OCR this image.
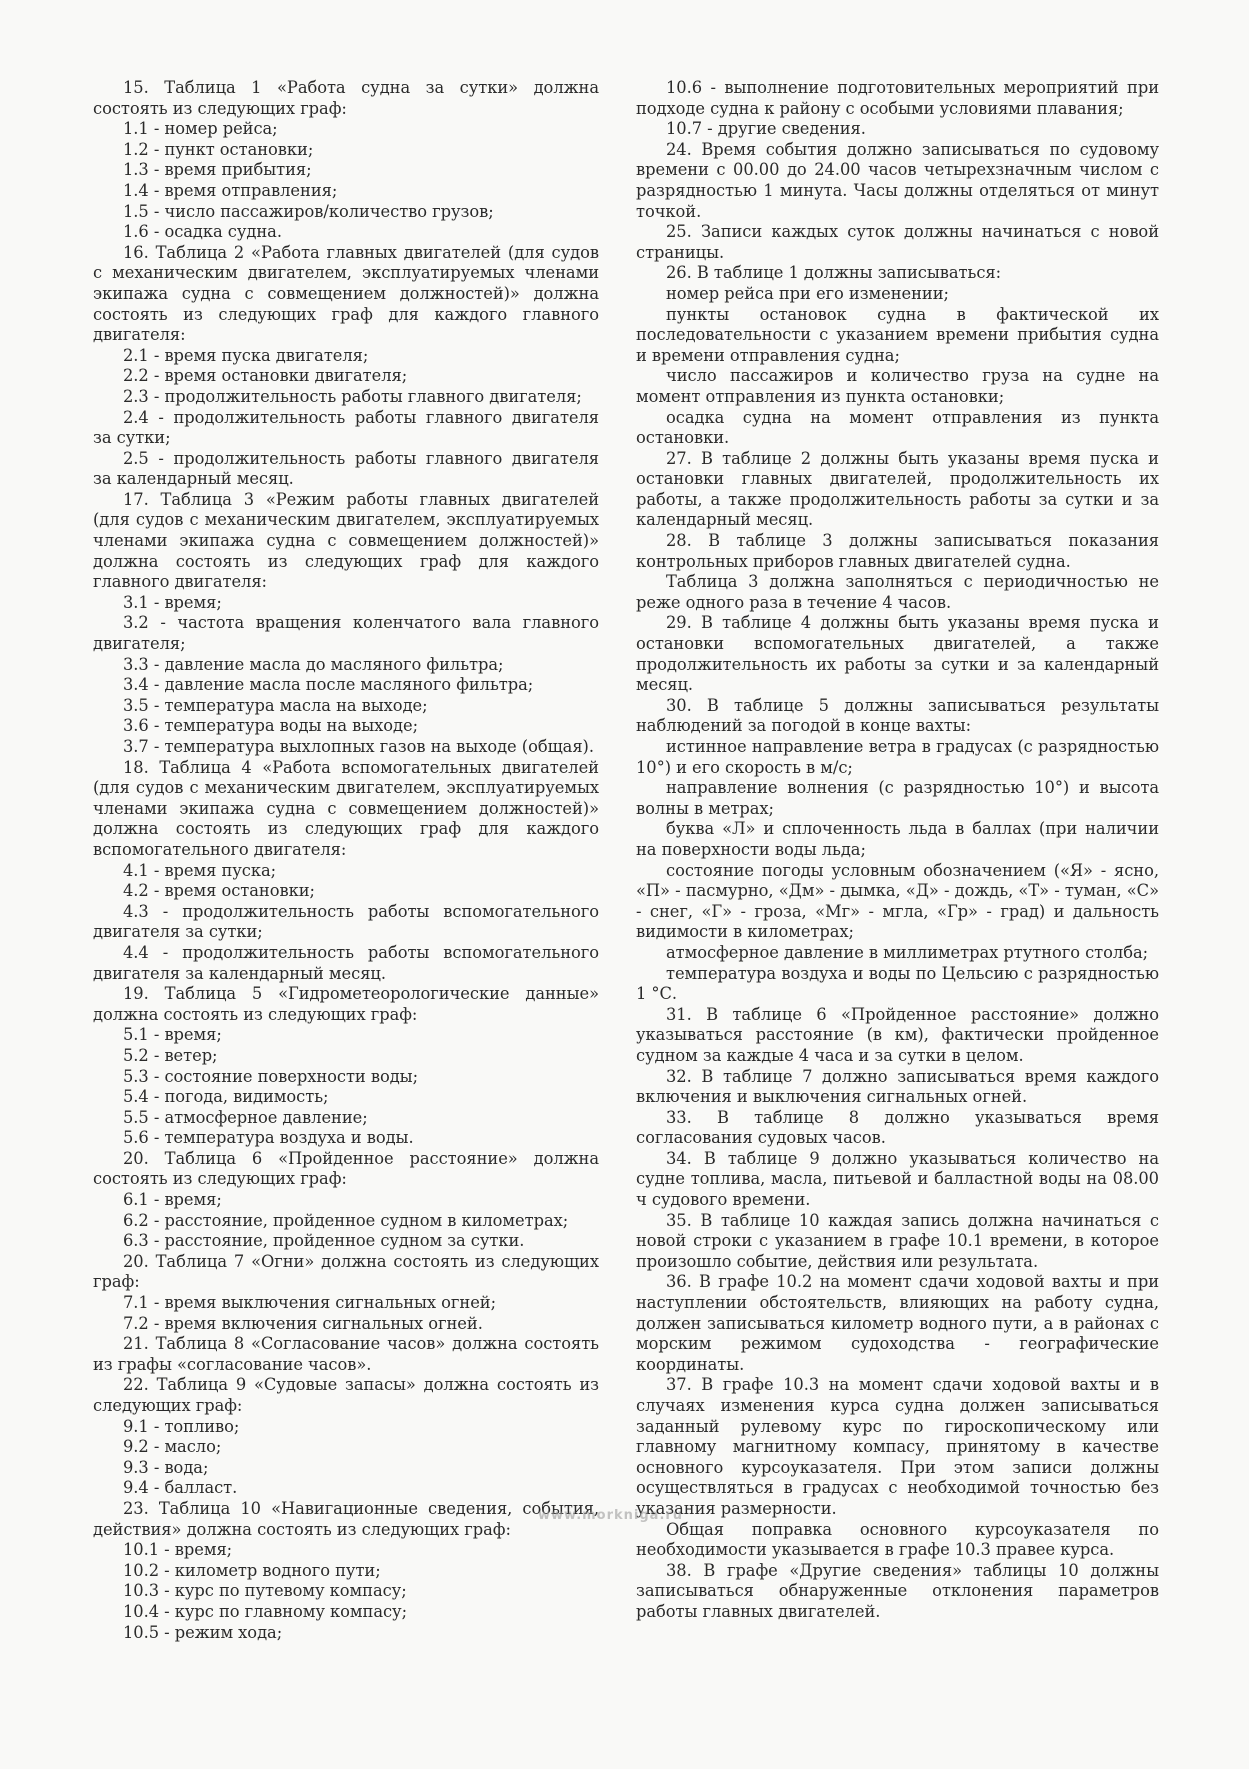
15. Таблица 1 «Работа судна за сутки» должна состоять из следующих граф:

1.1 - номер рейса;

1.2 - пункт остановки;

1.3 - время прибытия;

1.4 - время отправления;

1.5 - число пассажиров/количество грузов;

1.6 - осадка судна.

16. Таблица 2 «Работа главных двигателей (для судов с механическим двигателем, эксплуатируемых членами экипажа судна с совмещением должностей)» должна состоять из следующих граф для каждого главного двигателя:

2.1 - время пуска двигателя;

2.2 - время остановки двигателя;

2.3 - продолжительность работы главного двигателя;

2.4 - продолжительность работы главного двигателя за сутки;

2.5 - продолжительность работы главного двигателя за календарный месяц.

17. Таблица 3 «Режим работы главных двигателей (для судов с механическим двигателем, эксплуатируемых членами экипажа судна с совмещением должностей)» должна состоять из следующих граф для каждого главного двигателя:

3.1 - время;

3.2 - частота вращения коленчатого вала главного двигателя;

3.3 - давление масла до масляного фильтра;

3.4 - давление масла после масляного фильтра;

3.5 - температура масла на выходе;

3.6 - температура воды на выходе;

3.7 - температура выхлопных газов на выходе (общая).

18. Таблица 4 «Работа вспомогательных двигателей (для судов с механическим двигателем, эксплуатируемых членами экипажа судна с совмещением должностей)» должна состоять из следующих граф для каждого вспомогательного двигателя:

4.1 - время пуска;

4.2 - время остановки;

4.3 - продолжительность работы вспомогательного двигателя за сутки;

4.4 - продолжительность работы вспомогательного двигателя за календарный месяц.

19. Таблица 5 «Гидрометеорологические данные» должна состоять из следующих граф:

5.1 - время;

5.2 - ветер;

5.3 - состояние поверхности воды;

5.4 - погода, видимость;

5.5 - атмосферное давление;

5.6 - температура воздуха и воды.

20. Таблица 6 «Пройденное расстояние» должна состоять из следующих граф:

6.1 - время;

6.2 - расстояние, пройденное судном в километрах;

6.3 - расстояние, пройденное судном за сутки.

20. Таблица 7 «Огни» должна состоять из следующих граф:

7.1 - время выключения сигнальных огней;

7.2 - время включения сигнальных огней.

21. Таблица 8 «Согласование часов» должна состоять из графы «согласование часов».

22. Таблица 9 «Судовые запасы» должна состоять из следующих граф:

9.1 - топливо;

9.2 - масло;

9.3 - вода;

9.4 - балласт.

23. Таблица 10 «Навигационные сведения, события, действия» должна состоять из следующих граф:

10.1 - время;

10.2 - километр водного пути;

10.3 - курс по путевому компасу;

10.4 - курс по главному компасу;

10.5 - режим хода;

10.6 - выполнение подготовительных мероприятий при подходе судна к району с особыми условиями плавания;

10.7 - другие сведения.

24. Время события должно записываться по судовому времени с 00.00 до 24.00 часов четырехзначным числом с разрядностью 1 минута. Часы должны отделяться от минут точкой.

25. Записи каждых суток должны начинаться с новой страницы.

26. В таблице 1 должны записываться:

номер рейса при его изменении;

пункты остановок судна в фактической их последовательности с указанием времени прибытия судна и времени отправления судна;

число пассажиров и количество груза на судне на момент отправления из пункта остановки;

осадка судна на момент отправления из пункта остановки.

27. В таблице 2 должны быть указаны время пуска и остановки главных двигателей, продолжительность их работы, а также продолжительность работы за сутки и за календарный месяц.

28. В таблице 3 должны записываться показания контрольных приборов главных двигателей судна.

Таблица 3 должна заполняться с периодичностью не реже одного раза в течение 4 часов.

29. В таблице 4 должны быть указаны время пуска и остановки вспомогательных двигателей, а также продолжительность их работы за сутки и за календарный месяц.

30. В таблице 5 должны записываться результаты наблюдений за погодой в конце вахты:

истинное направление ветра в градусах (с разрядностью 10°) и его скорость в м/с;

направление волнения (с разрядностью 10°) и высота волны в метрах;

буква «Л» и сплоченность льда в баллах (при наличии на поверхности воды льда;

состояние погоды условным обозначением («Я» - ясно, «П» - пасмурно, «Дм» - дымка, «Д» - дождь, «Т» - туман, «С» - снег, «Г» - гроза, «Мг» - мгла, «Гр» - град) и дальность видимости в километрах;

атмосферное давление в миллиметрах ртутного столба;

температура воздуха и воды по Цельсию с разрядностью 1 °С.

31. В таблице 6 «Пройденное расстояние» должно указываться расстояние (в км), фактически пройденное судном за каждые 4 часа и за сутки в целом.

32. В таблице 7 должно записываться время каждого включения и выключения сигнальных огней.

33. В таблице 8 должно указываться время согласования судовых часов.

34. В таблице 9 должно указываться количество на судне топлива, масла, питьевой и балластной воды на 08.00 ч судового времени.

35. В таблице 10 каждая запись должна начинаться с новой строки с указанием в графе 10.1 времени, в которое произошло событие, действия или результата.

36. В графе 10.2 на момент сдачи ходовой вахты и при наступлении обстоятельств, влияющих на работу судна, должен записываться километр водного пути, а в районах с морским режимом судоходства - географические координаты.

37. В графе 10.3 на момент сдачи ходовой вахты и в случаях изменения курса судна должен записываться заданный рулевому курс по гироскопическому или главному магнитному компасу, принятому в качестве основного курсоуказателя. При этом записи должны осуществляться в градусах с необходимой точностью без указания размерности.

Общая поправка основного курсоуказателя по необходимости указывается в графе 10.3 правее курса.

38. В графе «Другие сведения» таблицы 10 должны записываться обнаруженные отклонения параметров работы главных двигателей.

www.morkniga.ru
